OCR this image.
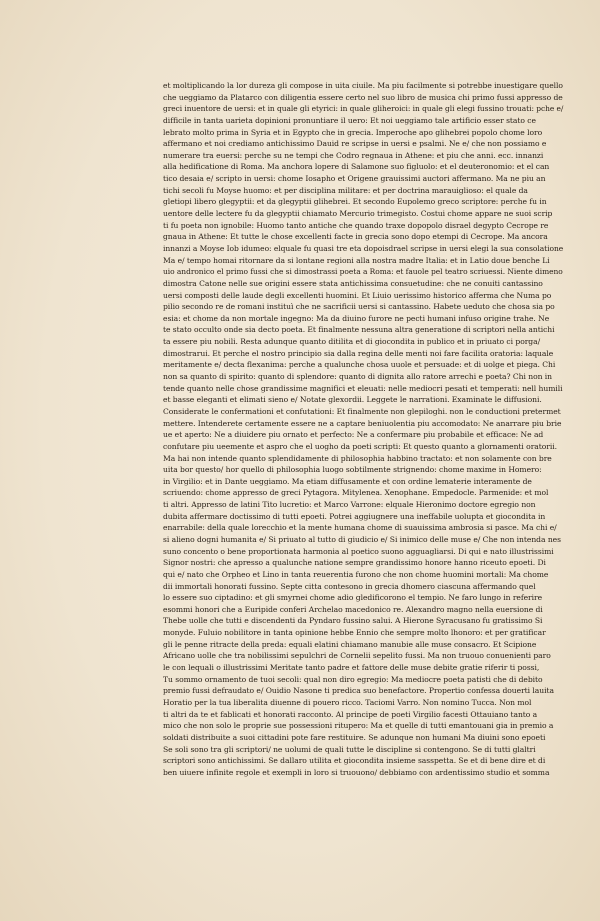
et moltiplicando la lor dureza gli compose in uita ciuile. Ma piu facilmente si potrebbe inuestigare quello
che ueggiamo da Platarco con diligentia essere certo nel suo libro de musica chi primo fussi appresso de
greci inuentore de uersi: et in quale gli etyrici: in quale gliheroici: in quale gli elegi fussino trouati: pche e/
difficile in tanta uarieta dopinioni pronuntiare il uero: Et noi ueggiamo tale artificio esser stato ce
lebrato molto prima in Syria et in Egypto che in grecia. Imperoche apo glihebrei popolo chome loro
affermano et noi crediamo antichissimo Dauid re scripse in uersi e psalmi. Ne e/ che non possiamo e
numerare tra euersi: perche su ne tempi che Codro regnaua in Athene: et piu che anni. ecc. innanzi
alla hedificatione di Roma. Ma anchora lopere di Salamone suo figluolo: et el deuteronomio: et el can
tico desaia e/ scripto in uersi: chome Iosapho et Origene grauissimi auctori affermano. Ma ne piu an
tichi secoli fu Moyse huomo: et per disciplina militare: et per doctrina marauiglioso: el quale da
gletiopi libero glegyptii: et da glegyptii glihebrei. Et secondo Eupolemo greco scriptore: perche fu in
uentore delle lectere fu da glegyptii chiamato Mercurio trimegisto. Costui chome appare ne suoi scrip
ti fu poeta non ignobile: Huomo tanto antiche che quando traxe dopopolo disrael degypto Cecrope re
gnaua in Athene: Et tutte le chose excellenti facte in grecia sono dopo etempi di Cecrope. Ma ancora
innanzi a Moyse Iob idumeo: elquale fu quasi tre eta dopoisdrael scripse in uersi elegi la sua consolatione
Ma e/ tempo homai ritornare da si lontane regioni alla nostra madre Italia: et in Latio doue benche Li
uio andronico el primo fussi che si dimostrassi poeta a Roma: et fauole pel teatro scriuessi. Niente dimeno
dimostra Catone nelle sue origini essere stata antichissima consuetudine: che ne conuiti cantassino
uersi composti delle laude degli excellenti huomini. Et Liuio uerissimo historico afferma che Numa po
pilio secondo re de romani instituì che ne sacrificii uersi si cantassino. Habete ueduto che chosa sia po
esia: et chome da non mortale ingegno: Ma da diuino furore ne pecti humani infuso origine trahe. Ne
te stato occulto onde sia decto poeta. Et finalmente nessuna altra generatione di scriptori nella antichi
ta essere piu nobili. Resta adunque quanto ditilita et di giocondita in publico et in priuato ci porga/
dimostrarui. Et perche el nostro principio sia dalla regina delle menti noi fare facilita oratoria: laquale
meritamente e/ decta flexanima: perche a qualunche chosa uuole et persuade: et di uolge et piega. Chi
non sa quanto di spirito: quanto di splendore: quanto di dignita allo ratore arrechi e poeta? Chi non in
tende quanto nelle chose grandissime magnifici et eleuati: nelle mediocri pesati et temperati: nell humili
et basse eleganti et elimati sieno e/ Notate glexordii. Leggete le narrationi. Examinate le diffusioni.
Considerate le confermationi et confutationi: Et finalmente non glepiloghi. non le conductioni pretermet
mettere. Intenderete certamente essere ne a captare beniuolentia piu accomodato: Ne anarrare piu brie
ue et aperto: Ne a diuidere piu ornato et perfecto: Ne a confermare piu probabile et efficace: Ne ad
confutare piu ueemente et aspro che el uogho da poeti scripti: Et questo quanto a glornamenti oratorii.
Ma hai non intende quanto splendidamente di philosophia habbino tractato: et non solamente con bre
uita bor questo/ hor quello di philosophia luogo sobtilmente strignendo: chome maxime in Homero:
in Virgilio: et in Dante ueggiamo. Ma etiam diffusamente et con ordine lematerie interamente de
scriuendo: chome appresso de greci Pytagora. Mitylenea. Xenophane. Empedocle. Parmenide: et mol
ti altri. Appresso de latini Tito lucretio: et Marco Varrone: elquale Hieronimo doctore egregio non
dubita affermare doctissimo di tutti epoeti. Potrei aggiugnere una ineffabile uolupta et giocondita in
enarrabile: della quale lorecchio et la mente humana chome di suauissima ambrosia si pasce. Ma chi e/
si alieno dogni humanita e/ Si priuato al tutto di giudicio e/ Si inimico delle muse e/ Che non intenda nes
suno concento o bene proportionata harmonia al poetico suono agguagliarsi. Di qui e nato illustrissimi
Signor nostri: che apresso a qualunche natione sempre grandissimo honore hanno riceuto epoeti. Di
qui e/ nato che Orpheo et Lino in tanta reuerentia furono che non chome huomini mortali: Ma chome
dii immortali honorati fussino. Septe citta contesono in grecia dhomero ciascuna affermando quel
lo essere suo ciptadino: et gli smyrnei chome adio gledificorono el tempio. Ne faro lungo in referire
esommi honori che a Euripide conferi Archelao macedonico re. Alexandro magno nella euersione di
Thebe uolle che tutti e discendenti da Pyndaro fussino salui. A Hierone Syracusano fu gratissimo Si
monyde. Fuluio nobilitore in tanta opinione hebbe Ennio che sempre molto lhonoro: et per gratificar
gli le penne ritracte della preda: equali elatini chiamano manubie alle muse consacro. Et Scipione
Africano uolle che tra nobilissimi sepulchri de Cornelii sepelito fussi. Ma non truouo conuenienti paro
le con lequali o illustrissimi Meritate tanto padre et fattore delle muse debite gratie riferir ti possi,
Tu sommo ornamento de tuoi secoli: qual non diro egregio: Ma mediocre poeta patisti che di debito
premio fussi defraudato e/ Ouidio Nasone ti predica suo benefactore. Propertio confessa douerti lauita
Horatio per la tua liberalita diuenne di pouero ricco. Taciomi Varro. Non nomino Tucca. Non mol
ti altri da te et fablicati et honorati racconto. Al principe de poeti Virgilio facesti Ottauiano tanto a
mico che non solo le proprie sue possessioni ritupero: Ma et quelle di tutti emantouani gia in premio a
soldati distribuite a suoi cittadini pote fare restituire. Se adunque non humani Ma diuini sono epoeti
Se soli sono tra gli scriptori/ ne uolumi de quali tutte le discipline si contengono. Se di tutti glaltri
scriptori sono antichissimi. Se dallaro utilita et giocondita insieme sasspetta. Se et di bene dire et di
ben uiuere infinite regole et exempli in loro si truouono/ debbiamo con ardentissimo studio et somma
